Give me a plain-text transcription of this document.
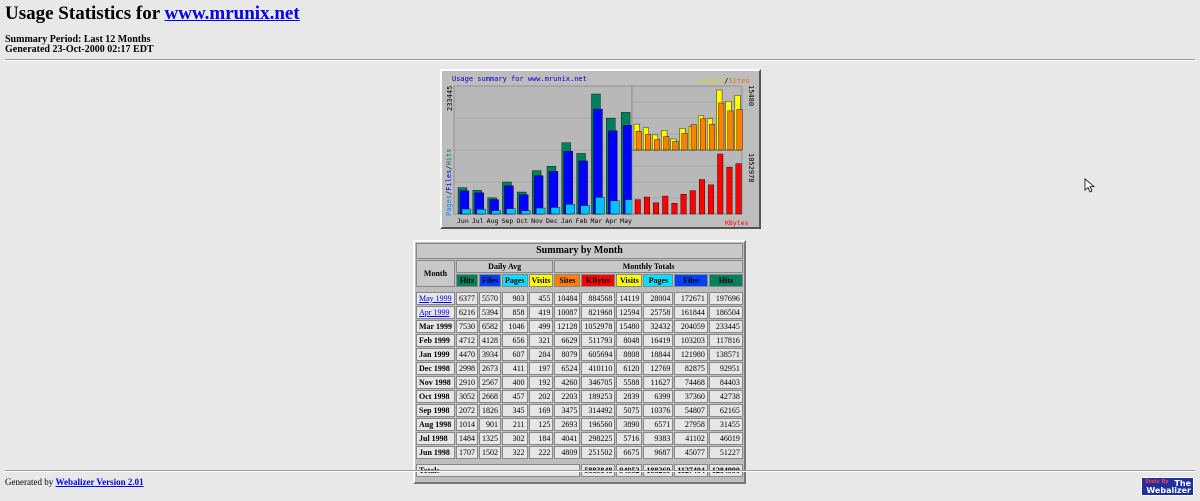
Usage Statistics for www.mrunix.net
Summary Period: Last 12 Months
Generated 23-Oct-2000 02:17 EDT
Usage summary for www.mrunix.net	Visits/Sites
Pages/Files/Hits
233445
Jun Jul Aug Sep Oct Nov Dec Jan Feb Mar Apr May
15480
1052978
KBytes
Summary by Month										
Month	Daily Avg				Monthly Totals					
	Hits	Files	Pages	Visits	Sites	KBytes	Visits	Pages	Files	Hits

May 1999	6377	5570	903	455	10484	884568	14119	28004	172671	197696
Apr 1999	6216	5394	858	419	10087	821968	12594	25758	161844	186504
Mar 1999	7530	6582	1046	499	12128	1052978	15480	32432	204059	233445
Feb 1999	4712	4128	656	321	6629	511793	8048	16419	103203	117816
Jan 1999	4470	3934	607	284	8079	605694	8808	18844	121980	138571
Dec 1998	2998	2673	411	197	6524	410110	6120	12769	82875	92951
Nov 1998	2910	2567	400	192	4260	346705	5588	11627	74468	84403
Oct 1998	3052	2668	457	202	2203	189253	2839	6399	37360	42738
Sep 1998	2072	1826	345	169	3475	314492	5075	10376	54807	62165
Aug 1998	1014	901	211	125	2693	196560	3890	6571	27958	31455
Jul 1998	1484	1325	302	184	4041	298225	5716	9383	41102	46019
Jun 1998	1707	1502	322	222	4809	251502	6675	9687	45077	51227

Totals						5883848	94952	188269	1127404	1284990

Generated by Webalizer Version 2.01	Stats By The
Webalizer
